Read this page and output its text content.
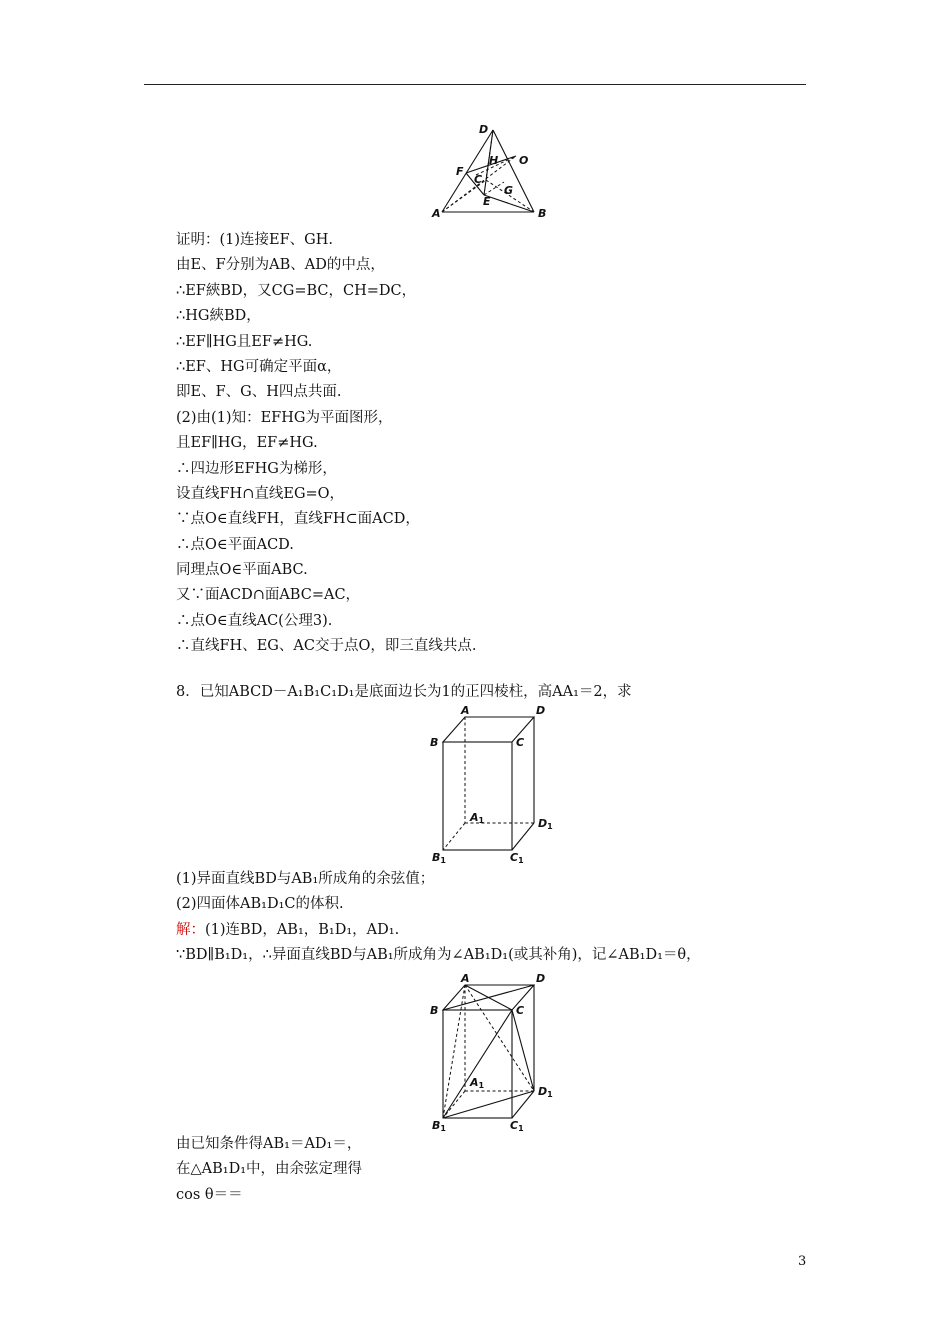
D
F
H O
C
G
E
A	B
证明：(1)连接EF、GH.
由E、F分别为AB、AD的中点，
∴EF綊BD，又CG=BC，CH=DC，
∴HG綊BD，
∴EF∥HG且EF≠HG.
∴EF、HG可确定平面α，
即E、F、G、H四点共面.
(2)由(1)知：EFHG为平面图形，
且EF∥HG，EF≠HG.
∴四边形EFHG为梯形，
设直线FH∩直线EG=O，
∵点O∈直线FH，直线FH⊂面ACD，
∴点O∈平面ACD.
同理点O∈平面ABC.
又∵面ACD∩面ABC=AC，
∴点O∈直线AC(公理3).
∴直线FH、EG、AC交于点O，即三直线共点.
8．已知ABCD－A₁B₁C₁D₁是底面边长为1的正四棱柱，高AA₁＝2，求
A	D
B	C
A1	D1
B1	C1
(1)异面直线BD与AB₁所成角的余弦值；
(2)四面体AB₁D₁C的体积.
解：(1)连BD，AB₁，B₁D₁，AD₁.
∵BD∥B₁D₁，∴异面直线BD与AB₁所成角为∠AB₁D₁(或其补角)，记∠AB₁D₁＝θ，
A	D
B	C
A1	D1
B1	C1
由已知条件得AB₁＝AD₁＝，
在△AB₁D₁中，由余弦定理得
cos θ＝＝
3
